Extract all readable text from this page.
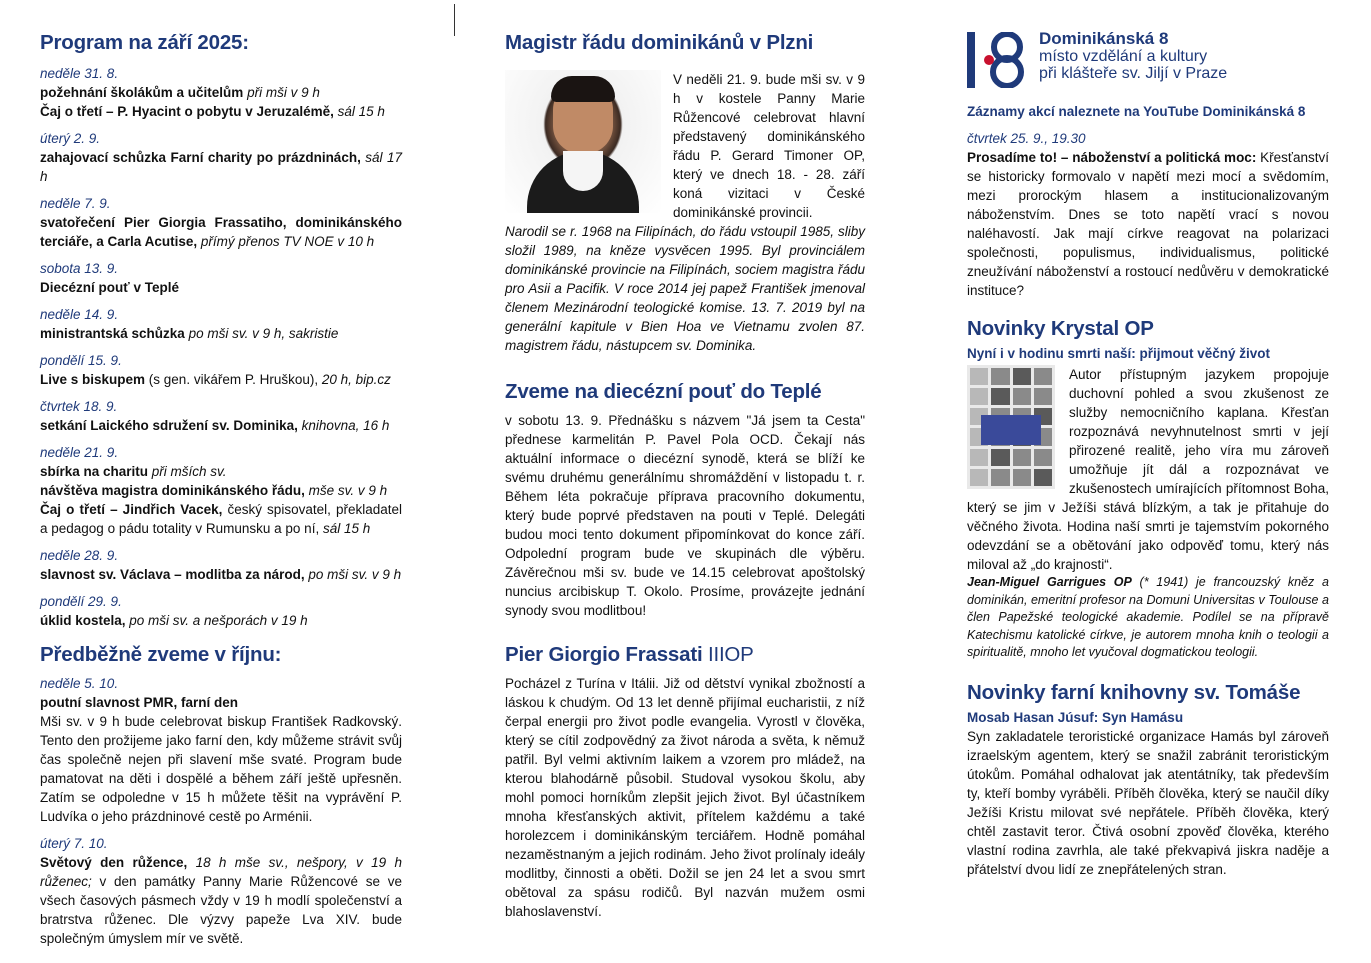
Program na září 2025:
neděle 31. 8.
požehnání školákům a učitelům při mši v 9 h
Čaj o třetí – P. Hyacint o pobytu v Jeruzalémě, sál 15 h
úterý 2. 9.
zahajovací schůzka Farní charity po prázdninách, sál 17 h
neděle 7. 9.
svatořečení Pier Giorgia Frassatiho, dominikánského terciáře, a Carla Acutise, přímý přenos TV NOE v 10 h
sobota 13. 9.
Diecézní pouť v Teplé
neděle 14. 9.
ministrantská schůzka po mši sv. v 9 h, sakristie
pondělí 15. 9.
Live s biskupem (s gen. vikářem P. Hruškou), 20 h, bip.cz
čtvrtek 18. 9.
setkání Laického sdružení sv. Dominika, knihovna, 16 h
neděle 21. 9.
sbírka na charitu při mších sv.
návštěva magistra dominikánského řádu, mše sv. v 9 h
Čaj o třetí – Jindřich Vacek, český spisovatel, překladatel a pedagog o pádu totality v Rumunsku a po ní, sál 15 h
neděle 28. 9.
slavnost sv. Václava – modlitba za národ, po mši sv. v 9 h
pondělí 29. 9.
úklid kostela, po mši sv. a nešporách v 19 h
Předběžně zveme v říjnu:
neděle 5. 10.
poutní slavnost PMR, farní den
Mši sv. v 9 h bude celebrovat biskup František Radkovský. Tento den prožijeme jako farní den, kdy můžeme strávit svůj čas společně nejen při slavení mše svaté. Program bude pamatovat na děti i dospělé a během září ještě upřesněn. Zatím se odpoledne v 15 h můžete těšit na vyprávění P. Ludvíka o jeho prázdninové cestě po Arménii.
úterý 7. 10.
Světový den růžence, 18 h mše sv., nešpory, v 19 h růženec; v den památky Panny Marie Růžencové se ve všech časových pásmech vždy v 19 h modlí společenství a bratrstva růženec. Dle výzvy papeže Lva XIV. bude společným úmyslem mír ve světě.
Magistr řádu dominikánů v Plzni
V neděli 21. 9. bude mši sv. v 9 h v kostele Panny Marie Růžencové celebrovat hlavní představený dominikánského řádu P. Gerard Timoner OP, který ve dnech 18. - 28. září koná vizitaci v České dominikánské provincii.
Narodil se r. 1968 na Filipínách, do řádu vstoupil 1985, sliby složil 1989, na kněze vysvěcen 1995. Byl provinciálem dominikánské provincie na Filipínách, sociem magistra řádu pro Asii a Pacifik. V roce 2014 jej papež František jmenoval členem Mezinárodní teologické komise. 13. 7. 2019 byl na generální kapitule v Bien Hoa ve Vietnamu zvolen 87. magistrem řádu, nástupcem sv. Dominika.
Zveme na diecézní pouť do Teplé
v sobotu 13. 9. Přednášku s názvem "Já jsem ta Cesta" přednese karmelitán P. Pavel Pola OCD. Čekají nás aktuální informace o diecézní synodě, která se blíží ke svému druhému generálnímu shromáždění v listopadu t. r. Během léta pokračuje příprava pracovního dokumentu, který bude poprvé představen na pouti v Teplé. Delegáti budou moci tento dokument připomínkovat do konce září. Odpolední program bude ve skupinách dle výběru. Závěrečnou mši sv. bude ve 14.15 celebrovat apoštolský nuncius arcibiskup T. Okolo. Prosíme, provázejte jednání synody svou modlitbou!
Pier Giorgio Frassati IIIOP
Pocházel z Turína v Itálii. Již od dětství vynikal zbožností a láskou k chudým. Od 13 let denně přijímal eucharistii, z níž čerpal energii pro život podle evangelia. Vyrostl v člověka, který se cítil zodpovědný za život národa a světa, k němuž patřil. Byl velmi aktivním laikem a vzorem pro mládež, na kterou blahodárně působil. Studoval vysokou školu, aby mohl pomoci horníkům zlepšit jejich život. Byl účastníkem mnoha křesťanských aktivit, přítelem každému a také horolezcem i dominikánským terciářem. Hodně pomáhal nezaměstnaným a jejich rodinám. Jeho život prolínaly ideály modlitby, činnosti a oběti. Dožil se jen 24 let a svou smrt obětoval za spásu rodičů. Byl nazván mužem osmi blahoslavenství.
Dominikánská 8
místo vzdělání a kultury
při klášteře sv. Jiljí v Praze
Záznamy akcí naleznete na YouTube Dominikánská 8
čtvrtek 25. 9., 19.30
Prosadíme to! – náboženství a politická moc: Křesťanství se historicky formovalo v napětí mezi mocí a svědomím, mezi prorockým hlasem a institucionalizovaným náboženstvím. Dnes se toto napětí vrací s novou naléhavostí. Jak mají církve reagovat na polarizaci společnosti, populismus, individualismus, politické zneužívání náboženství a rostoucí nedůvěru v demokratické instituce?
Novinky Krystal OP
Nyní i v hodinu smrti naší: přijmout věčný život
Autor přístupným jazykem propojuje duchovní pohled a svou zkušenost ze služby nemocničního kaplana. Křesťan rozpoznává nevyhnutelnost smrti v její přirozené realitě, jeho víra mu zároveň umožňuje jít dál a rozpoznávat ve zkušenostech umírajících přítomnost Boha, který se jim v Ježíši stává blízkým, a tak je přitahuje do věčného života. Hodina naší smrti je tajemstvím pokorného odevzdání se a obětování jako odpověď tomu, který nás miloval až „do krajnosti“.
Jean-Miguel Garrigues OP (* 1941) je francouzský kněz a dominikán, emeritní profesor na Domuni Universitas v Toulouse a člen Papežské teologické akademie. Podílel se na přípravě Katechismu katolické církve, je autorem mnoha knih o teologii a spiritualitě, mnoho let vyučoval dogmatickou teologii.
Novinky farní knihovny sv. Tomáše
Mosab Hasan Júsuf: Syn Hamásu
Syn zakladatele teroristické organizace Hamás byl zároveň izraelským agentem, který se snažil zabránit teroristickým útokům. Pomáhal odhalovat jak atentátníky, tak především ty, kteří bomby vyráběli. Příběh člověka, který se naučil díky Ježíši Kristu milovat své nepřátele. Příběh člověka, který chtěl zastavit teror. Čtivá osobní zpověď člověka, kterého vlastní rodina zavrhla, ale také překvapivá jiskra naděje a přátelství dvou lidí ze znepřátelených stran.
